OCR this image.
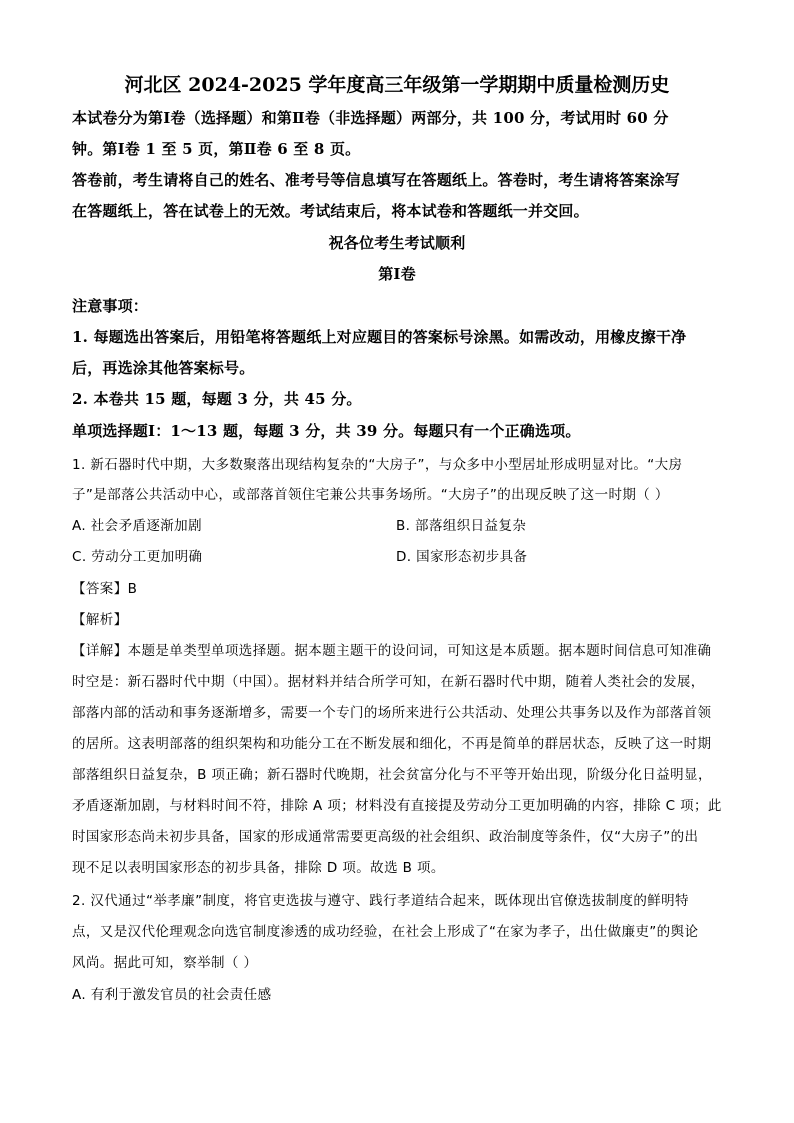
河北区 2024-2025 学年度高三年级第一学期期中质量检测历史
本试卷分为第Ⅰ卷（选择题）和第Ⅱ卷（非选择题）两部分，共 100 分，考试用时 60 分
钟。第Ⅰ卷 1 至 5 页，第Ⅱ卷 6 至 8 页。
答卷前，考生请将自己的姓名、准考号等信息填写在答题纸上。答卷时，考生请将答案涂写
在答题纸上，答在试卷上的无效。考试结束后，将本试卷和答题纸一并交回。
祝各位考生考试顺利
第Ⅰ卷
注意事项：
1. 每题选出答案后，用铅笔将答题纸上对应题目的答案标号涂黑。如需改动，用橡皮擦干净
后，再选涂其他答案标号。
2. 本卷共 15 题，每题 3 分，共 45 分。
单项选择题Ⅰ：1～13 题，每题 3 分，共 39 分。每题只有一个正确选项。
1. 新石器时代中期，大多数聚落出现结构复杂的“大房子”，与众多中小型居址形成明显对比。“大房
子”是部落公共活动中心，或部落首领住宅兼公共事务场所。“大房子”的出现反映了这一时期（ ）
A. 社会矛盾逐渐加剧	B. 部落组织日益复杂
C. 劳动分工更加明确	D. 国家形态初步具备
【答案】B
【解析】
【详解】本题是单类型单项选择题。据本题主题干的设问词，可知这是本质题。据本题时间信息可知准确
时空是：新石器时代中期（中国）。据材料并结合所学可知，在新石器时代中期，随着人类社会的发展，
部落内部的活动和事务逐渐增多，需要一个专门的场所来进行公共活动、处理公共事务以及作为部落首领
的居所。这表明部落的组织架构和功能分工在不断发展和细化，不再是简单的群居状态，反映了这一时期
部落组织日益复杂，B 项正确；新石器时代晚期，社会贫富分化与不平等开始出现，阶级分化日益明显，
矛盾逐渐加剧，与材料时间不符，排除 A 项；材料没有直接提及劳动分工更加明确的内容，排除 C 项；此
时国家形态尚未初步具备，国家的形成通常需要更高级的社会组织、政治制度等条件，仅“大房子”的出
现不足以表明国家形态的初步具备，排除 D 项。故选 B 项。
2. 汉代通过“举孝廉”制度，将官吏选拔与遵守、践行孝道结合起来，既体现出官僚选拔制度的鲜明特
点，又是汉代伦理观念向选官制度渗透的成功经验，在社会上形成了“在家为孝子，出仕做廉吏”的舆论
风尚。据此可知，察举制（ ）
A. 有利于激发官员的社会责任感
